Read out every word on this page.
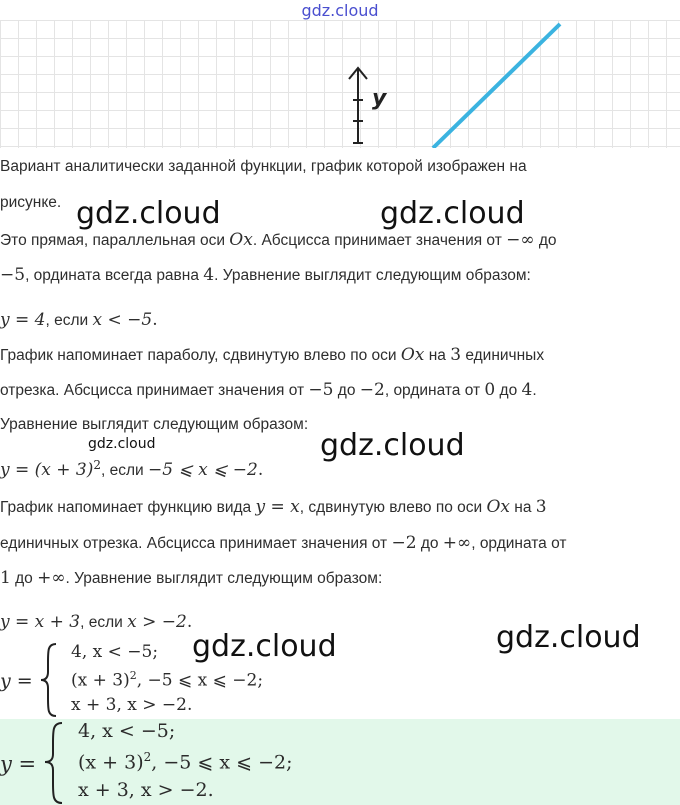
gdz.cloud
y

Вариант аналитически заданной функции, график которой изображен на

рисунке.

Это прямая, параллельная оси Ox. Абсцисса принимает значения от −∞ до

−5, ордината всегда равна 4. Уравнение выглядит следующим образом:

y = 4, если x < −5.

График напоминает параболу, сдвинутую влево по оси Ox на 3 единичных

отрезка. Абсцисса принимает значения от −5 до −2, ордината от 0 до 4.

Уравнение выглядит следующим образом:

$y = (x + 3)^2$, если −5 ⩽ x ⩽ −2.

График напоминает функцию вида y = x, сдвинутую влево по оси Ox на 3

единичных отрезка. Абсцисса принимает значения от −2 до +∞, ордината от

1 до +∞. Уравнение выглядит следующим образом:

y = x + 3, если x > −2.

y =
4, x < −5;
$(x + 3)^2$, −5 ⩽ x ⩽ −2;
x + 3, x > −2.
y =
4, x < −5;
$(x + 3)^2$, −5 ⩽ x ⩽ −2;
x + 3, x > −2.
gdz.cloud	gdz.cloud
gdz.cloud	gdz.cloud
gdz.cloud	gdz.cloud
